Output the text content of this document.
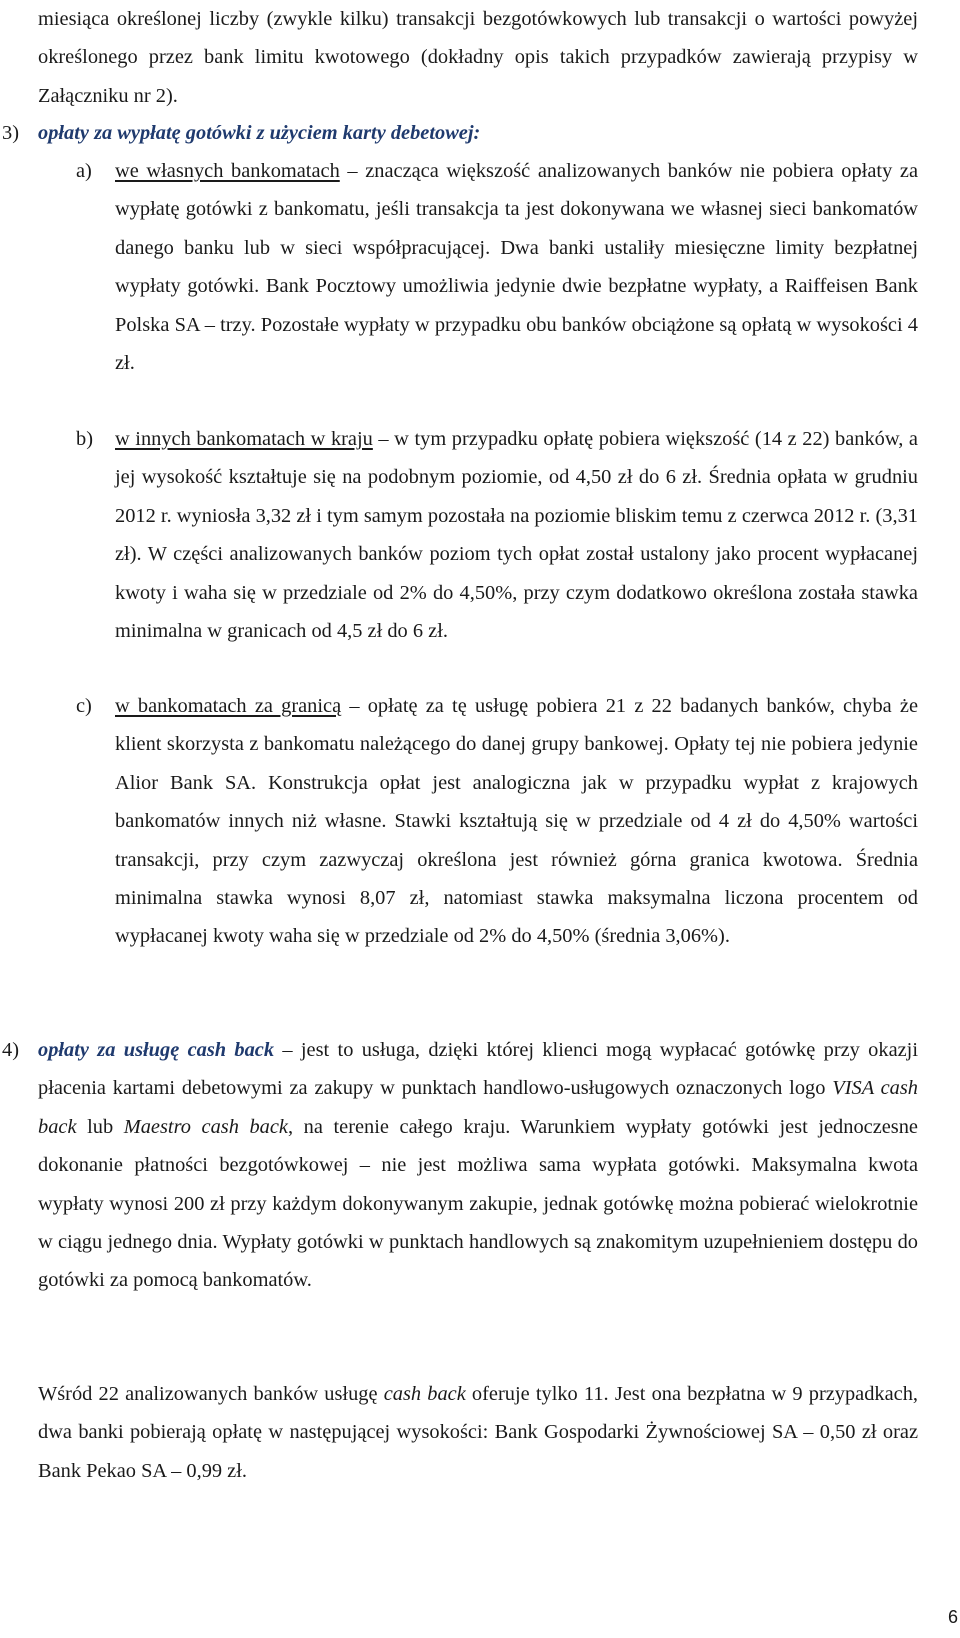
miesiąca określonej liczby (zwykle kilku) transakcji bezgotówkowych lub transakcji o wartości powyżej określonego przez bank limitu kwotowego (dokładny opis takich przypadków zawierają przypisy w Załączniku nr 2).

3) opłaty za wypłatę gotówki z użyciem karty debetowej:

a) we własnych bankomatach – znacząca większość analizowanych banków nie pobiera opłaty za wypłatę gotówki z bankomatu, jeśli transakcja ta jest dokonywana we własnej sieci bankomatów danego banku lub w sieci współpracującej. Dwa banki ustaliły miesięczne limity bezpłatnej wypłaty gotówki. Bank Pocztowy umożliwia jedynie dwie bezpłatne wypłaty, a Raiffeisen Bank Polska SA – trzy. Pozostałe wypłaty w przypadku obu banków obciążone są opłatą w wysokości 4 zł.

b) w innych bankomatach w kraju – w tym przypadku opłatę pobiera większość (14 z 22) banków, a jej wysokość kształtuje się na podobnym poziomie, od 4,50 zł do 6 zł. Średnia opłata w grudniu 2012 r. wyniosła 3,32 zł i tym samym pozostała na poziomie bliskim temu z czerwca 2012 r. (3,31 zł). W części analizowanych banków poziom tych opłat został ustalony jako procent wypłacanej kwoty i waha się w przedziale od 2% do 4,50%, przy czym dodatkowo określona została stawka minimalna w granicach od 4,5 zł do 6 zł.

c) w bankomatach za granicą – opłatę za tę usługę pobiera 21 z 22 badanych banków, chyba że klient skorzysta z bankomatu należącego do danej grupy bankowej. Opłaty tej nie pobiera jedynie Alior Bank SA. Konstrukcja opłat jest analogiczna jak w przypadku wypłat z krajowych bankomatów innych niż własne. Stawki kształtują się w przedziale od 4 zł do 4,50% wartości transakcji, przy czym zazwyczaj określona jest również górna granica kwotowa. Średnia minimalna stawka wynosi 8,07 zł, natomiast stawka maksymalna liczona procentem od wypłacanej kwoty waha się w przedziale od 2% do 4,50% (średnia 3,06%).

4) opłaty za usługę cash back – jest to usługa, dzięki której klienci mogą wypłacać gotówkę przy okazji płacenia kartami debetowymi za zakupy w punktach handlowo-usługowych oznaczonych logo VISA cash back lub Maestro cash back, na terenie całego kraju. Warunkiem wypłaty gotówki jest jednoczesne dokonanie płatności bezgotówkowej – nie jest możliwa sama wypłata gotówki. Maksymalna kwota wypłaty wynosi 200 zł przy każdym dokonywanym zakupie, jednak gotówkę można pobierać wielokrotnie w ciągu jednego dnia. Wypłaty gotówki w punktach handlowych są znakomitym uzupełnieniem dostępu do gotówki za pomocą bankomatów.

Wśród 22 analizowanych banków usługę cash back oferuje tylko 11. Jest ona bezpłatna w 9 przypadkach, dwa banki pobierają opłatę w następującej wysokości: Bank Gospodarki Żywnościowej SA – 0,50 zł oraz Bank Pekao SA – 0,99 zł.

6
